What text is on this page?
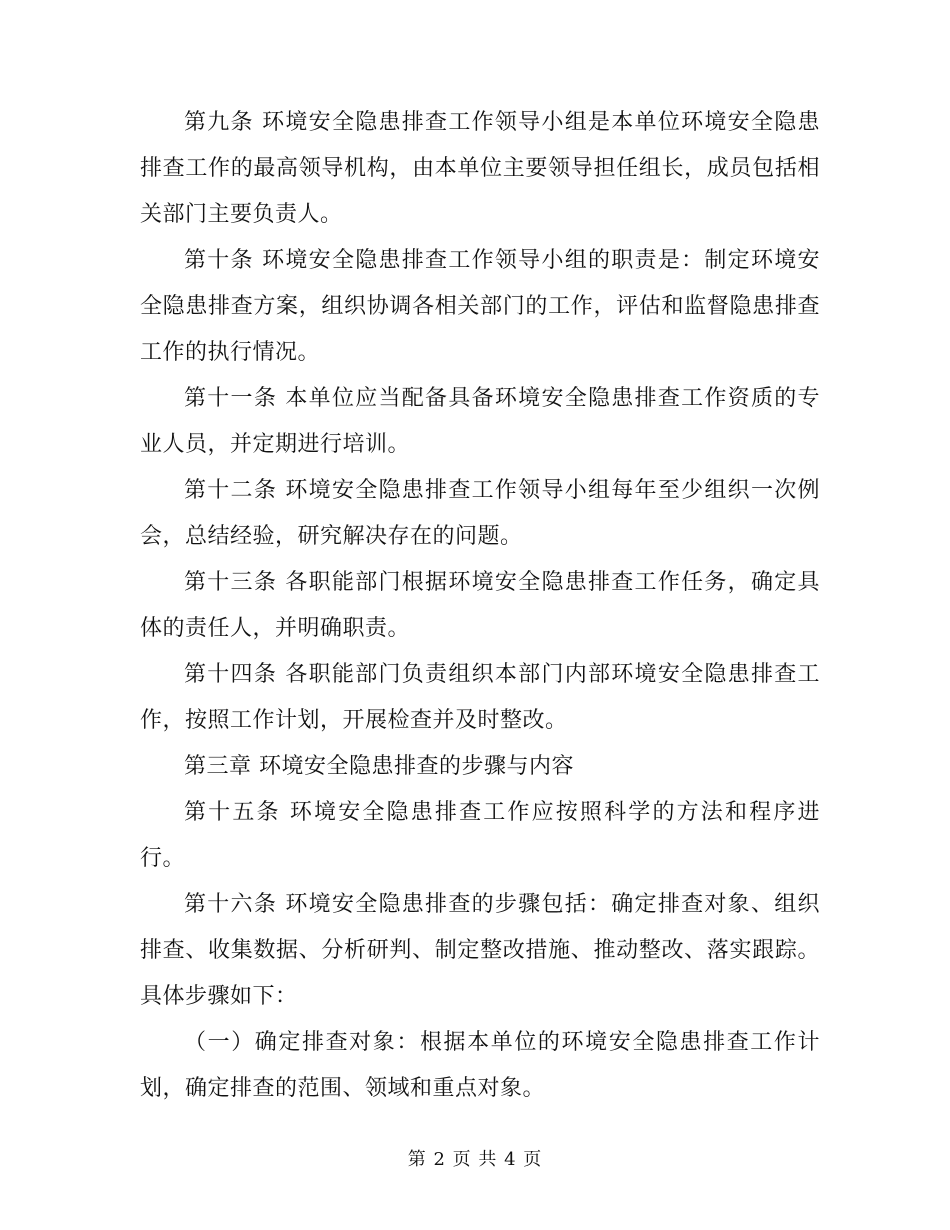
第九条 环境安全隐患排查工作领导小组是本单位环境安全隐患排查工作的最高领导机构，由本单位主要领导担任组长，成员包括相关部门主要负责人。

第十条 环境安全隐患排查工作领导小组的职责是：制定环境安全隐患排查方案，组织协调各相关部门的工作，评估和监督隐患排查工作的执行情况。

第十一条 本单位应当配备具备环境安全隐患排查工作资质的专业人员，并定期进行培训。

第十二条 环境安全隐患排查工作领导小组每年至少组织一次例会，总结经验，研究解决存在的问题。

第十三条 各职能部门根据环境安全隐患排查工作任务，确定具体的责任人，并明确职责。

第十四条 各职能部门负责组织本部门内部环境安全隐患排查工作，按照工作计划，开展检查并及时整改。

第三章 环境安全隐患排查的步骤与内容

第十五条 环境安全隐患排查工作应按照科学的方法和程序进行。

第十六条 环境安全隐患排查的步骤包括：确定排查对象、组织排查、收集数据、分析研判、制定整改措施、推动整改、落实跟踪。具体步骤如下：

（一）确定排查对象：根据本单位的环境安全隐患排查工作计划，确定排查的范围、领域和重点对象。

第 2 页 共 4 页
